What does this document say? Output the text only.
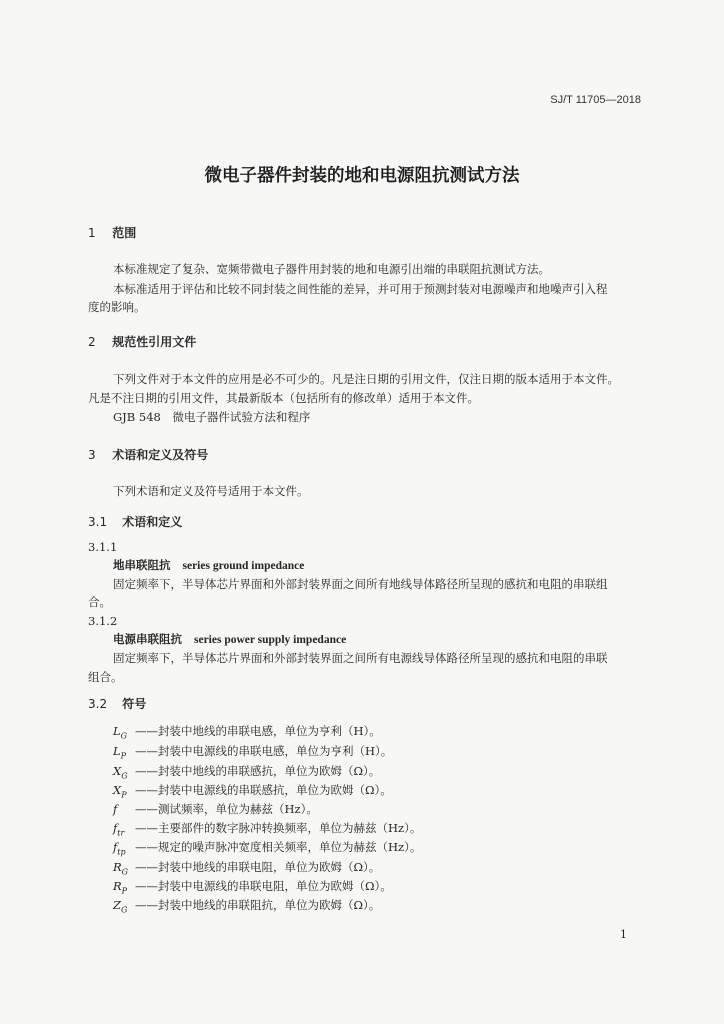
SJ/T 11705—2018
微电子器件封装的地和电源阻抗测试方法
1 范围
本标准规定了复杂、宽频带微电子器件用封装的地和电源引出端的串联阻抗测试方法。
本标准适用于评估和比较不同封装之间性能的差异，并可用于预测封装对电源噪声和地噪声引入程
度的影响。
2 规范性引用文件
下列文件对于本文件的应用是必不可少的。凡是注日期的引用文件，仅注日期的版本适用于本文件。
凡是不注日期的引用文件，其最新版本（包括所有的修改单）适用于本文件。
GJB 548　微电子器件试验方法和程序
3 术语和定义及符号
下列术语和定义及符号适用于本文件。
3.1 术语和定义
3.1.1
地串联阻抗 series ground impedance
固定频率下，半导体芯片界面和外部封装界面之间所有地线导体路径所呈现的感抗和电阻的串联组
合。
3.1.2
电源串联阻抗 series power supply impedance
固定频率下，半导体芯片界面和外部封装界面之间所有电源线导体路径所呈现的感抗和电阻的串联
组合。
3.2 符号
$L_G$ ——封装中地线的串联电感，单位为亨利（H）。
$L_P$ ——封装中电源线的串联电感，单位为亨利（H）。
$X_G$ ——封装中地线的串联感抗，单位为欧姆（Ω）。
$X_P$ ——封装中电源线的串联感抗，单位为欧姆（Ω）。
f ——测试频率，单位为赫兹（Hz）。
$f_{tr}$ ——主要部件的数字脉冲转换频率，单位为赫兹（Hz）。
$f_{tp}$ ——规定的噪声脉冲宽度相关频率，单位为赫兹（Hz）。
$R_G$ ——封装中地线的串联电阻，单位为欧姆（Ω）。
$R_P$ ——封装中电源线的串联电阻，单位为欧姆（Ω）。
$Z_G$ ——封装中地线的串联阻抗，单位为欧姆（Ω）。
1
